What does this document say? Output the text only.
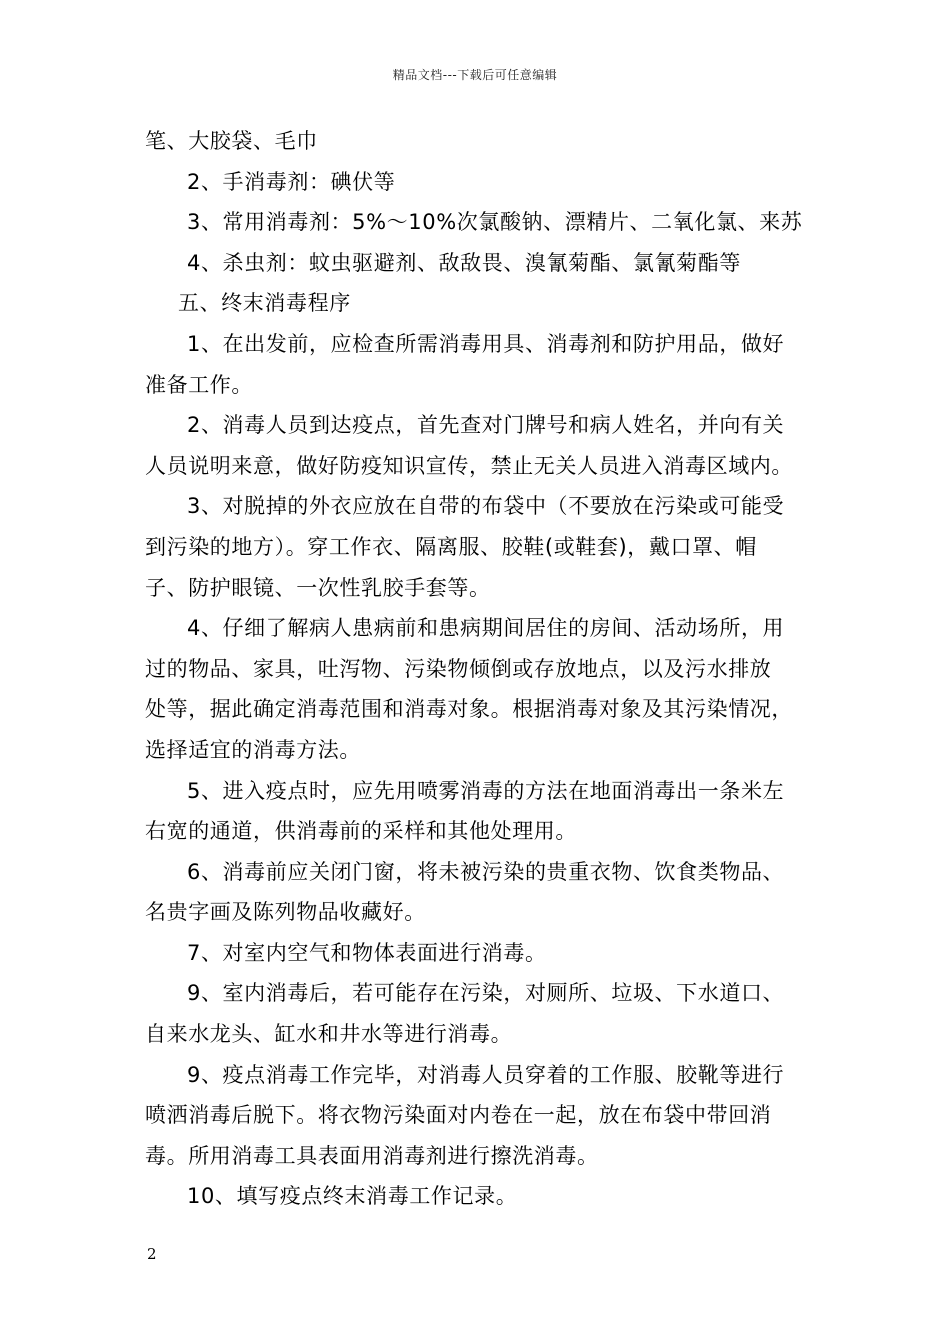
精品文档---下载后可任意编辑
笔、大胶袋、毛巾
2、手消毒剂：碘伏等
3、常用消毒剂：5%～10%次氯酸钠、漂精片、二氧化氯、来苏
4、杀虫剂：蚊虫驱避剂、敌敌畏、溴氰菊酯、氯氰菊酯等
五、终末消毒程序
1、在出发前，应检查所需消毒用具、消毒剂和防护用品，做好
准备工作。
2、消毒人员到达疫点，首先查对门牌号和病人姓名，并向有关
人员说明来意，做好防疫知识宣传，禁止无关人员进入消毒区域内。
3、对脱掉的外衣应放在自带的布袋中（不要放在污染或可能受
到污染的地方）。穿工作衣、隔离服、胶鞋(或鞋套)，戴口罩、帽
子、防护眼镜、一次性乳胶手套等。
4、仔细了解病人患病前和患病期间居住的房间、活动场所，用
过的物品、家具，吐泻物、污染物倾倒或存放地点，以及污水排放
处等，据此确定消毒范围和消毒对象。根据消毒对象及其污染情况，
选择适宜的消毒方法。
5、进入疫点时，应先用喷雾消毒的方法在地面消毒出一条米左
右宽的通道，供消毒前的采样和其他处理用。
6、消毒前应关闭门窗，将未被污染的贵重衣物、饮食类物品、
名贵字画及陈列物品收藏好。
7、对室内空气和物体表面进行消毒。
9、室内消毒后，若可能存在污染，对厕所、垃圾、下水道口、
自来水龙头、缸水和井水等进行消毒。
9、疫点消毒工作完毕，对消毒人员穿着的工作服、胶靴等进行
喷洒消毒后脱下。将衣物污染面对内卷在一起，放在布袋中带回消
毒。所用消毒工具表面用消毒剂进行擦洗消毒。
10、填写疫点终末消毒工作记录。
2
